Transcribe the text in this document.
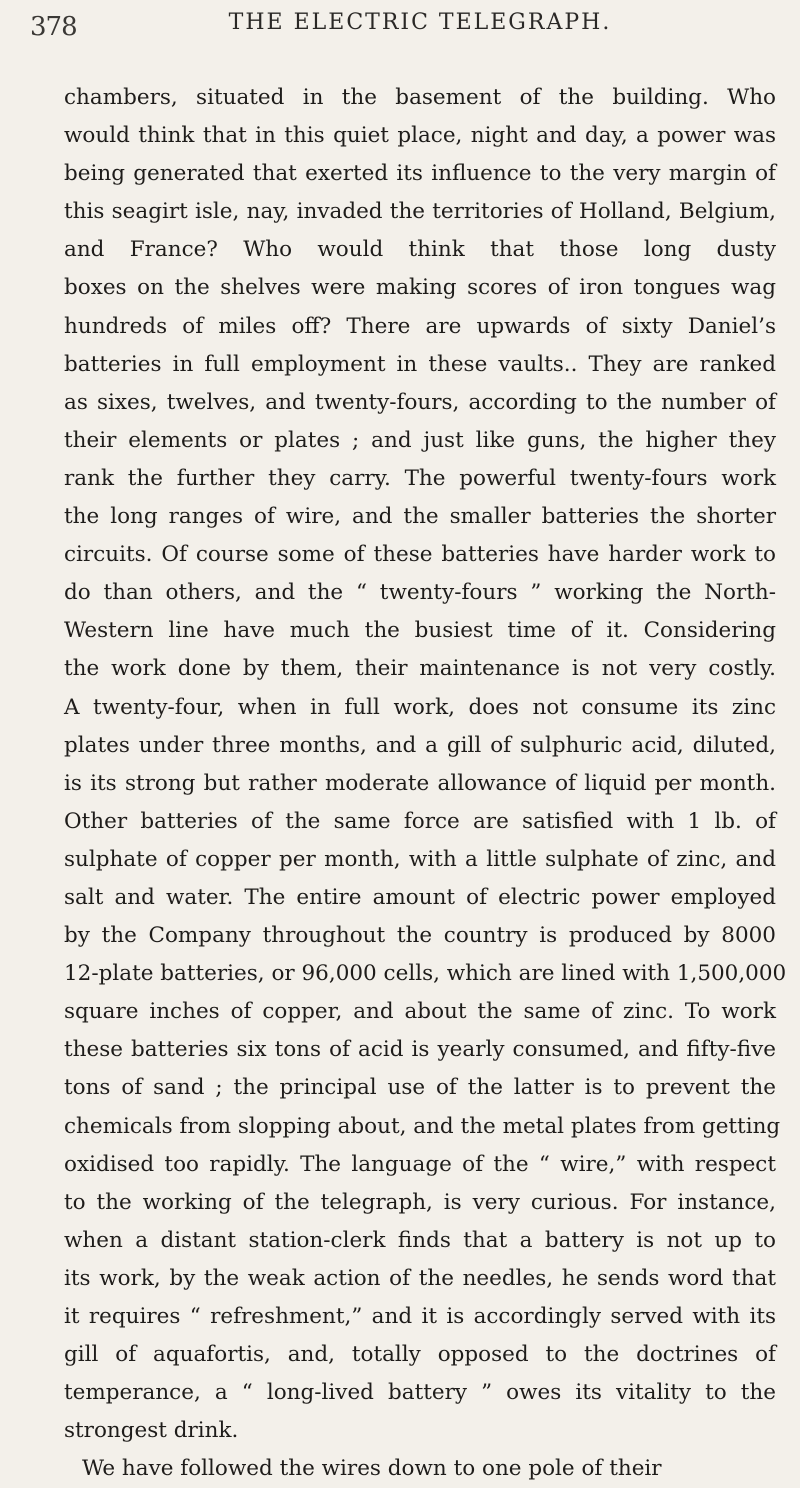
378	THE ELECTRIC TELEGRAPH.
chambers, situated in the basement of the building. Who
would think that in this quiet place, night and day, a power was
being generated that exerted its influence to the very margin of
this seagirt isle, nay, invaded the territories of Holland, Belgium,
and France? Who would think that those long dusty
boxes on the shelves were making scores of iron tongues wag
hundreds of miles off? There are upwards of sixty Daniel’s
batteries in full employment in these vaults.. They are ranked
as sixes, twelves, and twenty-fours, according to the number of
their elements or plates ; and just like guns, the higher they
rank the further they carry. The powerful twenty-fours work
the long ranges of wire, and the smaller batteries the shorter
circuits. Of course some of these batteries have harder work to
do than others, and the “ twenty-fours ” working the North-
Western line have much the busiest time of it. Considering
the work done by them, their maintenance is not very costly.
A twenty-four, when in full work, does not consume its zinc
plates under three months, and a gill of sulphuric acid, diluted,
is its strong but rather moderate allowance of liquid per month.
Other batteries of the same force are satisfied with 1 lb. of
sulphate of copper per month, with a little sulphate of zinc, and
salt and water. The entire amount of electric power employed
by the Company throughout the country is produced by 8000
12-plate batteries, or 96,000 cells, which are lined with 1,500,000
square inches of copper, and about the same of zinc. To work
these batteries six tons of acid is yearly consumed, and fifty-five
tons of sand ; the principal use of the latter is to prevent the
chemicals from slopping about, and the metal plates from getting
oxidised too rapidly. The language of the “ wire,” with respect
to the working of the telegraph, is very curious. For instance,
when a distant station-clerk finds that a battery is not up to
its work, by the weak action of the needles, he sends word that
it requires “ refreshment,” and it is accordingly served with its
gill of aquafortis, and, totally opposed to the doctrines of
temperance, a “ long-lived battery ” owes its vitality to the
strongest drink.
We have followed the wires down to one pole of their
